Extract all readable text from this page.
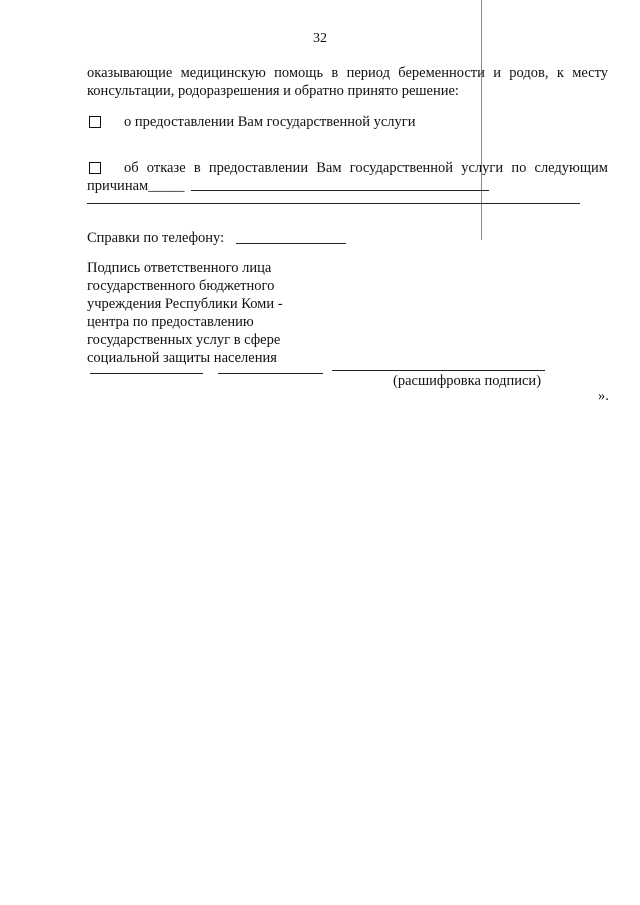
32
оказывающие медицинскую помощь в период беременности и родов, к месту
консультации, родоразрешения и обратно принято решение:
о предоставлении Вам государственной услуги
об отказе в предоставлении Вам государственной услуги по следующим
причинам_____
Справки по телефону:
Подпись ответственного лица
государственного бюджетного
учреждения Республики Коми -
центра по предоставлению
государственных услуг в сфере
социальной защиты населения
(расшифровка подписи)
».
